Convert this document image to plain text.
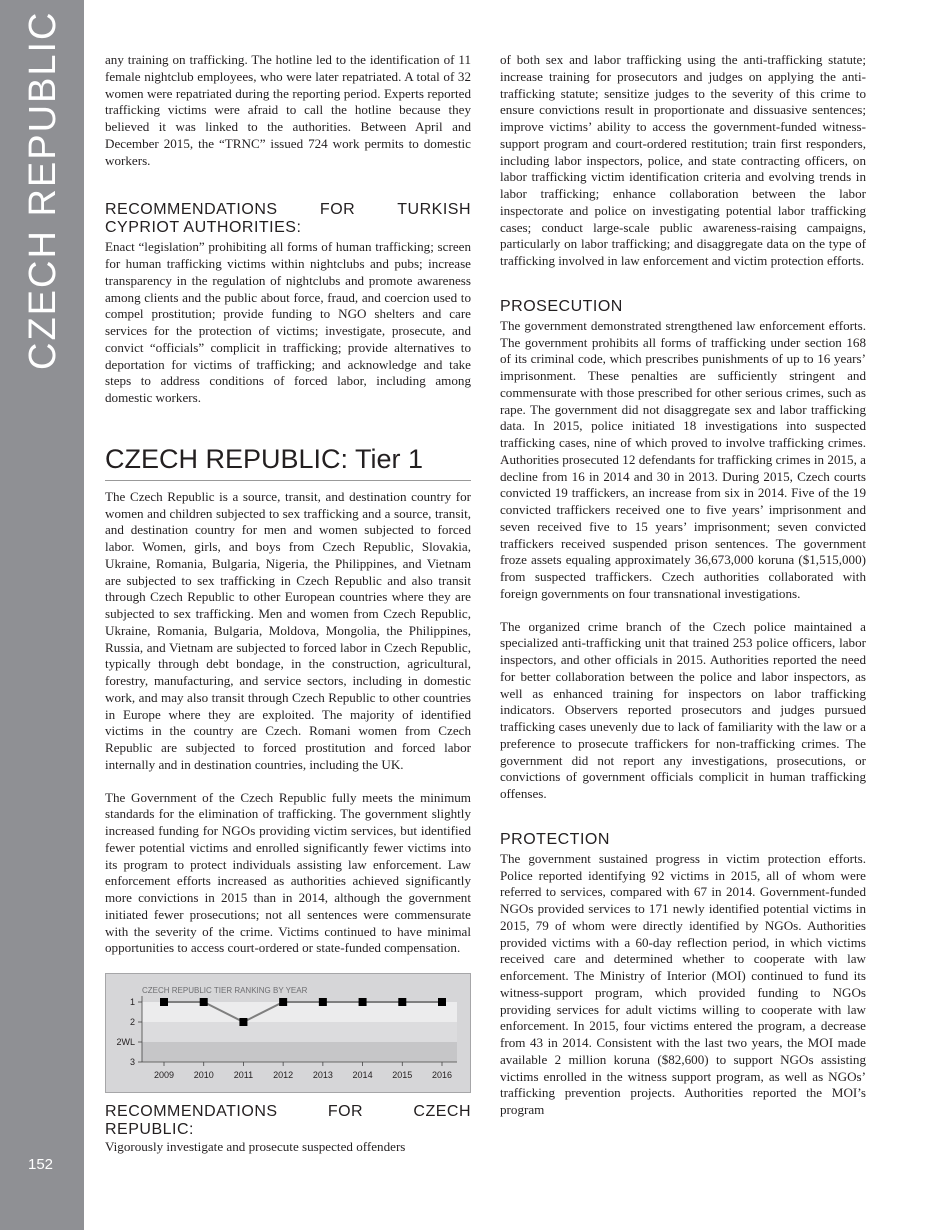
CZECH REPUBLIC
152

any training on trafficking. The hotline led to the identification of 11 female nightclub employees, who were later repatriated. A total of 32 women were repatriated during the reporting period. Experts reported trafficking victims were afraid to call the hotline because they believed it was linked to the authorities. Between April and December 2015, the “TRNC” issued 724 work permits to domestic workers.

RECOMMENDATIONS FOR TURKISH CYPRIOT AUTHORITIES:

Enact “legislation” prohibiting all forms of human trafficking; screen for human trafficking victims within nightclubs and pubs; increase transparency in the regulation of nightclubs and promote awareness among clients and the public about force, fraud, and coercion used to compel prostitution; provide funding to NGO shelters and care services for the protection of victims; investigate, prosecute, and convict “officials” complicit in trafficking; provide alternatives to deportation for victims of trafficking; and acknowledge and take steps to address conditions of forced labor, including among domestic workers.

CZECH REPUBLIC: Tier 1

The Czech Republic is a source, transit, and destination country for women and children subjected to sex trafficking and a source, transit, and destination country for men and women subjected to forced labor. Women, girls, and boys from Czech Republic, Slovakia, Ukraine, Romania, Bulgaria, Nigeria, the Philippines, and Vietnam are subjected to sex trafficking in Czech Republic and also transit through Czech Republic to other European countries where they are subjected to sex trafficking. Men and women from Czech Republic, Ukraine, Romania, Bulgaria, Moldova, Mongolia, the Philippines, Russia, and Vietnam are subjected to forced labor in Czech Republic, typically through debt bondage, in the construction, agricultural, forestry, manufacturing, and service sectors, including in domestic work, and may also transit through Czech Republic to other countries in Europe where they are exploited. The majority of identified victims in the country are Czech. Romani women from Czech Republic are subjected to forced prostitution and forced labor internally and in destination countries, including the UK.

The Government of the Czech Republic fully meets the minimum standards for the elimination of trafficking. The government slightly increased funding for NGOs providing victim services, but identified fewer potential victims and enrolled significantly fewer victims into its program to protect individuals assisting law enforcement. Law enforcement efforts increased as authorities achieved significantly more convictions in 2015 than in 2014, although the government initiated fewer prosecutions; not all sentences were commensurate with the severity of the crime. Victims continued to have minimal opportunities to access court-ordered or state-funded compensation.

CZECH REPUBLIC TIER RANKING BY YEAR
1
2
2WL
3
2009 2010 2011 2012 2013 2014 2015 2016
RECOMMENDATIONS FOR CZECH REPUBLIC:

Vigorously investigate and prosecute suspected offenders

of both sex and labor trafficking using the anti-trafficking statute; increase training for prosecutors and judges on applying the anti-trafficking statute; sensitize judges to the severity of this crime to ensure convictions result in proportionate and dissuasive sentences; improve victims’ ability to access the government-funded witness-support program and court-ordered restitution; train first responders, including labor inspectors, police, and state contracting officers, on labor trafficking victim identification criteria and evolving trends in labor trafficking; enhance collaboration between the labor inspectorate and police on investigating potential labor trafficking cases; conduct large-scale public awareness-raising campaigns, particularly on labor trafficking; and disaggregate data on the type of trafficking involved in law enforcement and victim protection efforts.

PROSECUTION

The government demonstrated strengthened law enforcement efforts. The government prohibits all forms of trafficking under section 168 of its criminal code, which prescribes punishments of up to 16 years’ imprisonment. These penalties are sufficiently stringent and commensurate with those prescribed for other serious crimes, such as rape. The government did not disaggregate sex and labor trafficking data. In 2015, police initiated 18 investigations into suspected trafficking cases, nine of which proved to involve trafficking crimes. Authorities prosecuted 12 defendants for trafficking crimes in 2015, a decline from 16 in 2014 and 30 in 2013. During 2015, Czech courts convicted 19 traffickers, an increase from six in 2014. Five of the 19 convicted traffickers received one to five years’ imprisonment and seven received five to 15 years’ imprisonment; seven convicted traffickers received suspended prison sentences. The government froze assets equaling approximately 36,673,000 koruna ($1,515,000) from suspected traffickers. Czech authorities collaborated with foreign governments on four transnational investigations.

The organized crime branch of the Czech police maintained a specialized anti-trafficking unit that trained 253 police officers, labor inspectors, and other officials in 2015. Authorities reported the need for better collaboration between the police and labor inspectors, as well as enhanced training for inspectors on labor trafficking indicators. Observers reported prosecutors and judges pursued trafficking cases unevenly due to lack of familiarity with the law or a preference to prosecute traffickers for non-trafficking crimes. The government did not report any investigations, prosecutions, or convictions of government officials complicit in human trafficking offenses.

PROTECTION

The government sustained progress in victim protection efforts. Police reported identifying 92 victims in 2015, all of whom were referred to services, compared with 67 in 2014. Government-funded NGOs provided services to 171 newly identified potential victims in 2015, 79 of whom were directly identified by NGOs. Authorities provided victims with a 60-day reflection period, in which victims received care and determined whether to cooperate with law enforcement. The Ministry of Interior (MOI) continued to fund its witness-support program, which provided funding to NGOs providing services for adult victims willing to cooperate with law enforcement. In 2015, four victims entered the program, a decrease from 43 in 2014. Consistent with the last two years, the MOI made available 2 million koruna ($82,600) to support NGOs assisting victims enrolled in the witness support program, as well as NGOs’ trafficking prevention projects. Authorities reported the MOI’s program
